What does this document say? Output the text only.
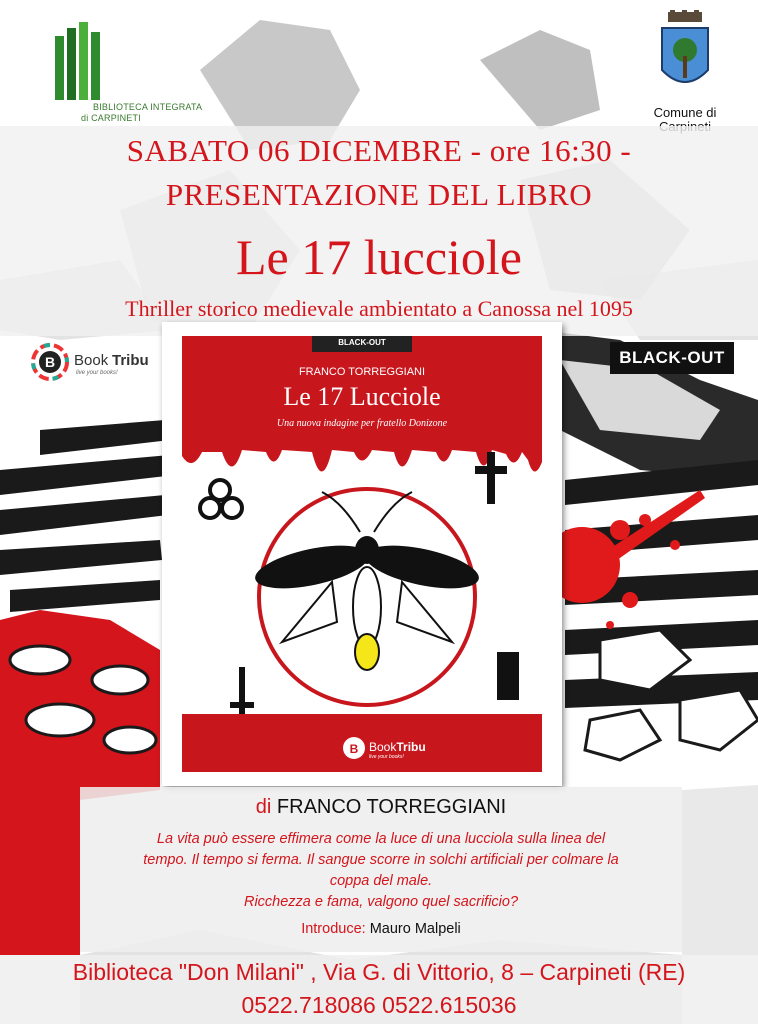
BIBLIOTECA INTEGRATA
di CARPINETI	Comune di
SABATO 06 DICEMBRE - ore 16:30 -
PRESENTAZIONE DEL LIBRO
Le 17 lucciole
Thriller storico medievale ambientato a Canossa nel 1095
B Book Tribu
live your books!
BLACK-OUT
B
BLACK-OUT
FRANCO TORREGGIANI
Le 17 Lucciole
Una nuova indagine per fratello Donizone
BookTribu
live your books!
di FRANCO TORREGGIANI
La vita può essere effimera come la luce di una lucciola sulla linea del
tempo. Il tempo si ferma. Il sangue scorre in solchi artificiali per colmare la
coppa del male.
Ricchezza e fama, valgono quel sacrificio?
Introduce: Mauro Malpeli
Biblioteca "Don Milani" , Via G. di Vittorio, 8 – Carpineti (RE)
0522.718086 0522.615036
